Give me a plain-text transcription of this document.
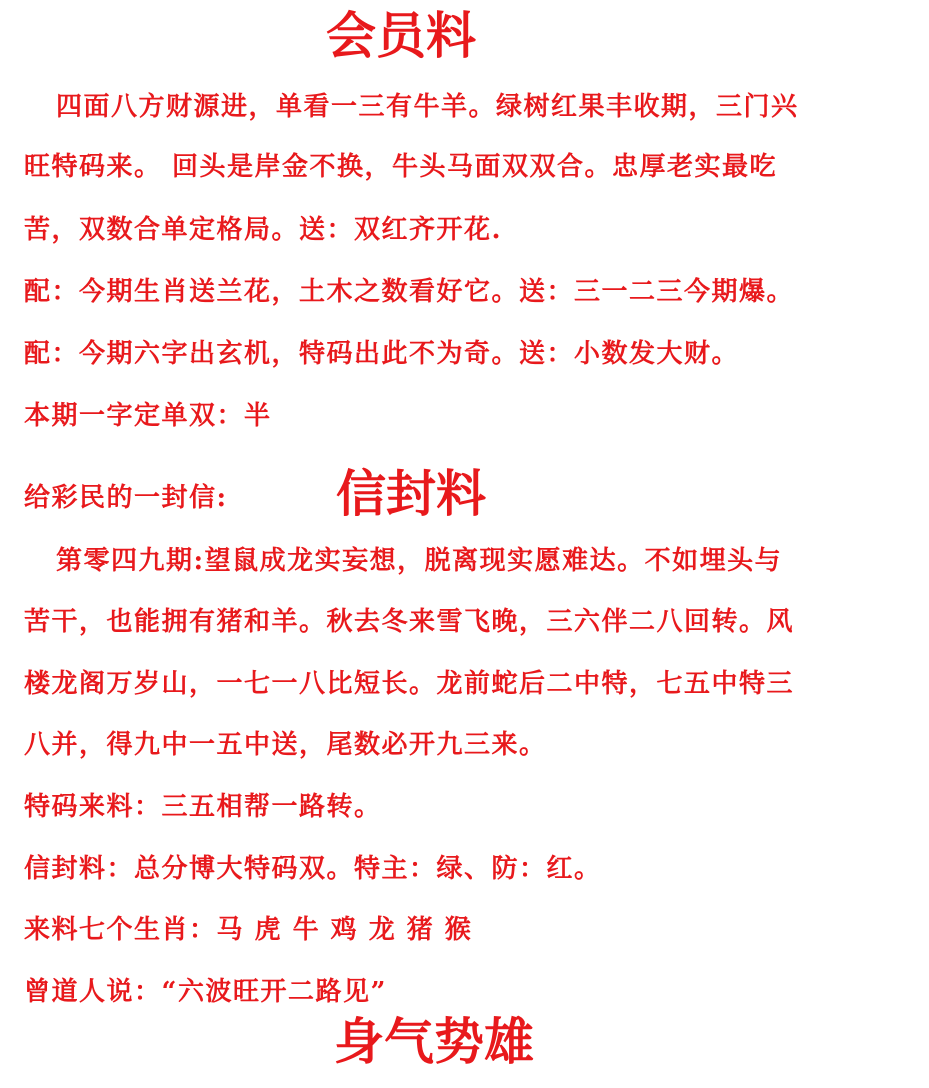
会员料
四面八方财源进，单看一三有牛羊。绿树红果丰收期，三门兴
旺特码来。 回头是岸金不换，牛头马面双双合。忠厚老实最吃
苦，双数合单定格局。送：双红齐开花.
配：今期生肖送兰花，土木之数看好它。送：三一二三今期爆。
配：今期六字出玄机，特码出此不为奇。送：小数发大财。
本期一字定单双：半
给彩民的一封信: 信封料
第零四九期:望鼠成龙实妄想，脱离现实愿难达。不如埋头与
苦干，也能拥有猪和羊。秋去冬来雪飞晚，三六伴二八回转。风
楼龙阁万岁山，一七一八比短长。龙前蛇后二中特，七五中特三
八并，得九中一五中送，尾数必开九三来。
特码来料：三五相帮一路转。
信封料：总分博大特码双。特主：绿、防：红。
来料七个生肖：马 虎 牛 鸡 龙 猪 猴
曾道人说：“六波旺开二路见”
身气势雄
